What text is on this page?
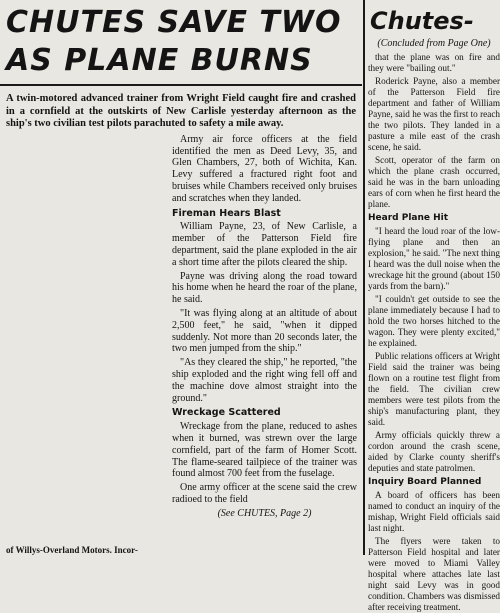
CHUTES SAVE TWO
AS PLANE BURNS

A twin-motored advanced trainer from Wright Field caught fire and crashed in a cornfield at the outskirts of New Carlisle yesterday afternoon as the ship's two civilian test pilots parachuted to safety a mile away.

Army air force officers at the field identified the men as Deed Levy, 35, and Glen Chambers, 27, both of Wichita, Kan. Levy suffered a fractured right foot and bruises while Chambers received only bruises and scratches when they landed.

Fireman Hears Blast

William Payne, 23, of New Carlisle, a member of the Patterson Field fire department, said the plane exploded in the air a short time after the pilots cleared the ship.

Payne was driving along the road toward his home when he heard the roar of the plane, he said.

"It was flying along at an altitude of about 2,500 feet," he said, "when it dipped suddenly. Not more than 20 seconds later, the two men jumped from the ship."

"As they cleared the ship," he reported, "the ship exploded and the right wing fell off and the machine dove almost straight into the ground."

Wreckage Scattered

Wreckage from the plane, reduced to ashes when it burned, was strewn over the large cornfield, part of the farm of Homer Scott. The flame-seared tailpiece of the trainer was found almost 700 feet from the fuselage.

One army officer at the scene said the crew radioed to the field

(See CHUTES, Page 2)

of Willys-Overland Motors. Incor-
Chutes-
(Concluded from Page One)

that the plane was on fire and they were "bailing out."

Roderick Payne, also a member of the Patterson Field fire department and father of William Payne, said he was the first to reach the two pilots. They landed in a pasture a mile east of the crash scene, he said.

Scott, operator of the farm on which the plane crash occurred, said he was in the barn unloading ears of corn when he first heard the plane.

Heard Plane Hit

"I heard the loud roar of the low-flying plane and then an explosion," he said. "The next thing I heard was the dull noise when the wreckage hit the ground (about 150 yards from the barn)."

"I couldn't get outside to see the plane immediately because I had to hold the two horses hitched to the wagon. They were plenty excited," he explained.

Public relations officers at Wright Field said the trainer was being flown on a routine test flight from the field. The civilian crew members were test pilots from the ship's manufacturing plant, they said.

Army officials quickly threw a cordon around the crash scene, aided by Clarke county sheriff's deputies and state patrolmen.

Inquiry Board Planned

A board of officers has been named to conduct an inquiry of the mishap, Wright Field officials said last night.

The flyers were taken to Patterson Field hospital and later were moved to Miami Valley hospital where attaches late last night said Levy was in good condition. Chambers was dismissed after receiving treatment.
